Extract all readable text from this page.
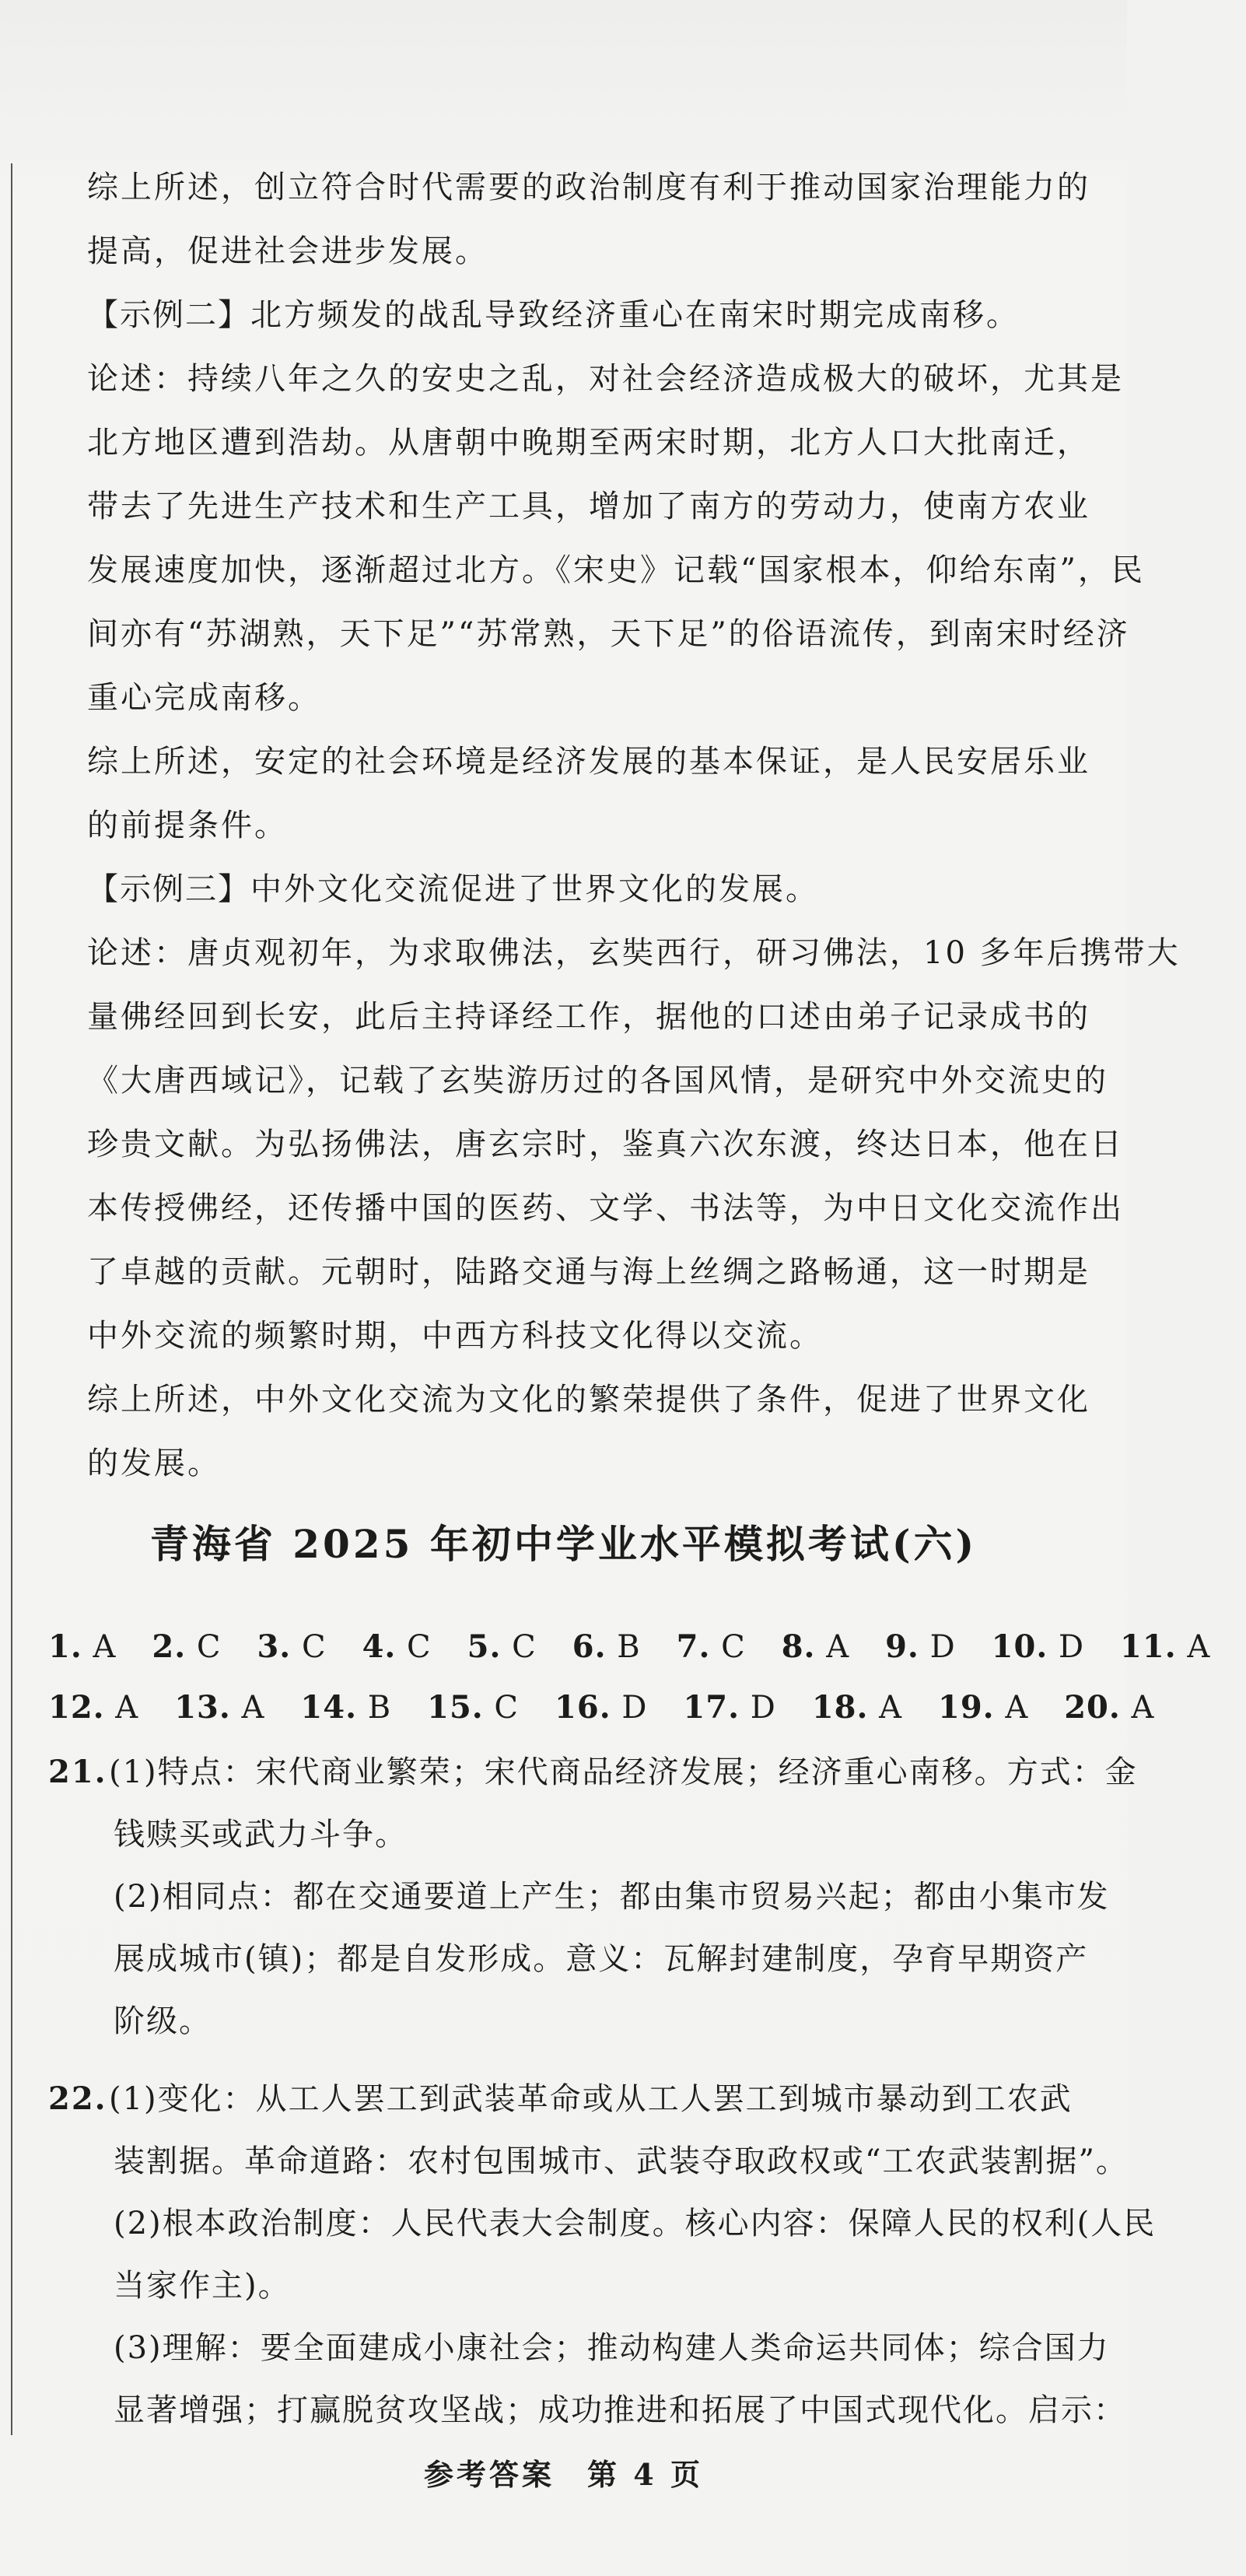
综上所述，创立符合时代需要的政治制度有利于推动国家治理能力的

提高，促进社会进步发展。

【示例二】北方频发的战乱导致经济重心在南宋时期完成南移。

论述：持续八年之久的安史之乱，对社会经济造成极大的破坏，尤其是

北方地区遭到浩劫。从唐朝中晚期至两宋时期，北方人口大批南迁，

带去了先进生产技术和生产工具，增加了南方的劳动力，使南方农业

发展速度加快，逐渐超过北方。《宋史》记载“国家根本，仰给东南”，民

间亦有“苏湖熟，天下足”“苏常熟，天下足”的俗语流传，到南宋时经济

重心完成南移。

综上所述，安定的社会环境是经济发展的基本保证，是人民安居乐业

的前提条件。

【示例三】中外文化交流促进了世界文化的发展。

论述：唐贞观初年，为求取佛法，玄奘西行，研习佛法，10 多年后携带大

量佛经回到长安，此后主持译经工作，据他的口述由弟子记录成书的

《大唐西域记》，记载了玄奘游历过的各国风情，是研究中外交流史的

珍贵文献。为弘扬佛法，唐玄宗时，鉴真六次东渡，终达日本，他在日

本传授佛经，还传播中国的医药、文学、书法等，为中日文化交流作出

了卓越的贡献。元朝时，陆路交通与海上丝绸之路畅通，这一时期是

中外交流的频繁时期，中西方科技文化得以交流。

综上所述，中外文化交流为文化的繁荣提供了条件，促进了世界文化

的发展。

青海省 2025 年初中学业水平模拟考试(六)
1. A 2. C 3. C 4. C 5. C 6. B 7. C 8. A 9. D 10. D 11. A
12. A 13. A 14. B 15. C 16. D 17. D 18. A 19. A 20. A
21.(1)特点：宋代商业繁荣；宋代商品经济发展；经济重心南移。方式：金
钱赎买或武力斗争。
(2)相同点：都在交通要道上产生；都由集市贸易兴起；都由小集市发
展成城市(镇)；都是自发形成。意义：瓦解封建制度，孕育早期资产
阶级。
22.(1)变化：从工人罢工到武装革命或从工人罢工到城市暴动到工农武
装割据。革命道路：农村包围城市、武装夺取政权或“工农武装割据”。
(2)根本政治制度：人民代表大会制度。核心内容：保障人民的权利(人民
当家作主)。
(3)理解：要全面建成小康社会；推动构建人类命运共同体；综合国力
显著增强；打赢脱贫攻坚战；成功推进和拓展了中国式现代化。启示：
参考答案　第 4 页
